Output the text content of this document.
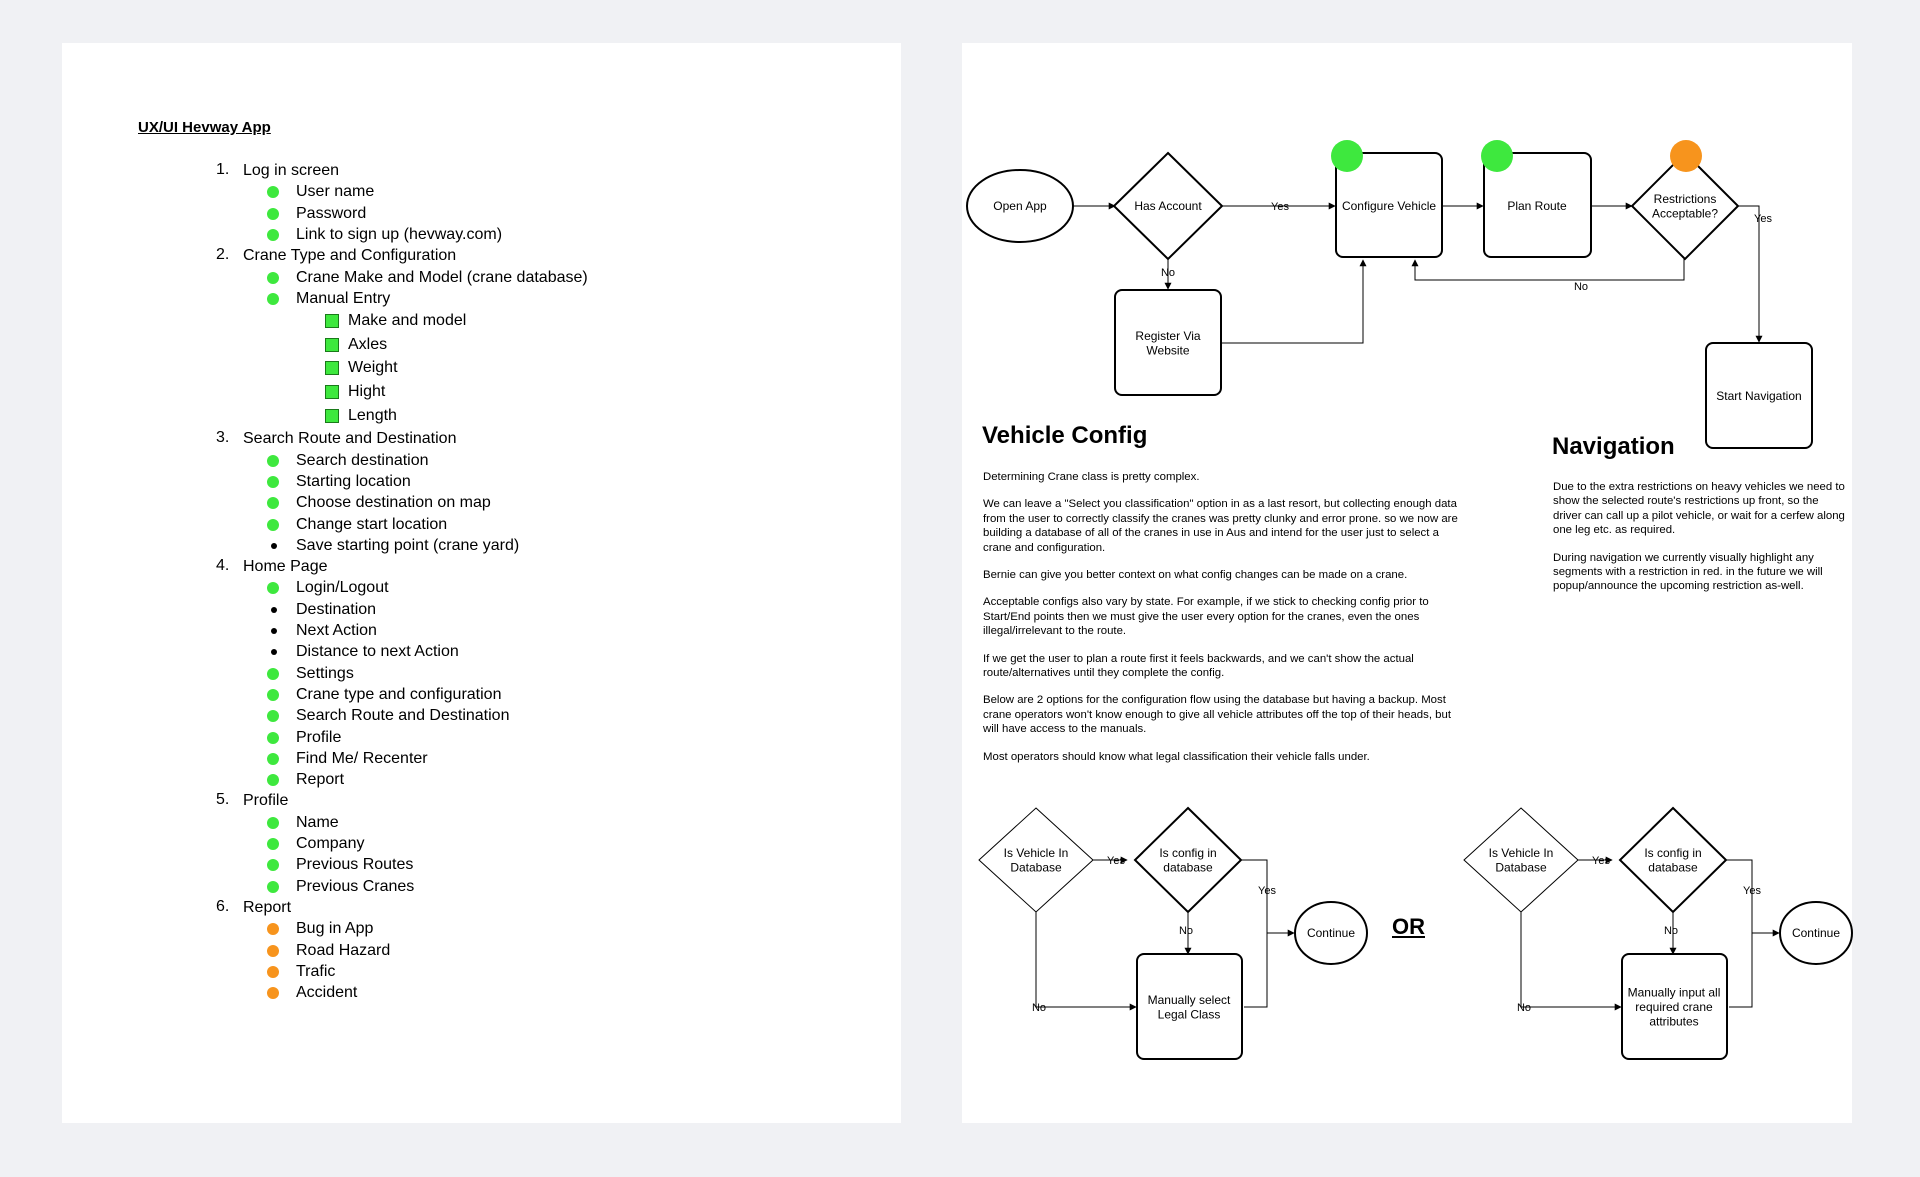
UX/UI Hevway App
1. Log in screen
User name
Password
Link to sign up (hevway.com)
2. Crane Type and Configuration
Crane Make and Model (crane database)
Manual Entry
Make and model
Axles
Weight
Hight
Length
3. Search Route and Destination
Search destination
Starting location
Choose destination on map
Change start location
Save starting point (crane yard)
4. Home Page
Login/Logout
Destination
Next Action
Distance to next Action
Settings
Crane type and configuration
Search Route and Destination
Profile
Find Me/ Recenter
Report
5. Profile
Name
Company
Previous Routes
Previous Cranes
6. Report
Bug in App
Road Hazard
Trafic
Accident
Open App	Has Account	Configure Vehicle	Plan Route
Restrictions
Acceptable?
Register Via
Website
Start Navigation
Yes
No
No
Yes
Is Vehicle In
Database
Is config in
database
Continue
Manually select
Legal Class
Yes
No
Yes
No
Is Vehicle In
Database
Is config in
database
Continue
Manually input all
required crane
attributes
Yes
No
Yes
No
Vehicle Config

Determining Crane class is pretty complex.

We can leave a "Select you classification" option in as a last resort, but collecting enough data from the user to correctly classify the cranes was pretty clunky and error prone. so we now are building a database of all of the cranes in use in Aus and intend for the user just to select a crane and configuration.

Bernie can give you better context on what config changes can be made on a crane.

Acceptable configs also vary by state. For example, if we stick to checking config prior to Start/End points then we must give the user every option for the cranes, even the ones illegal/irrelevant to the route.

If we get the user to plan a route first it feels backwards, and we can't show the actual route/alternatives until they complete the config.

Below are 2 options for the configuration flow using the database but having a backup. Most crane operators won't know enough to give all vehicle attributes off the top of their heads, but will have access to the manuals.

Most operators should know what legal classification their vehicle falls under.

Navigation

Due to the extra restrictions on heavy vehicles we need to show the selected route's restrictions up front, so the driver can call up a pilot vehicle, or wait for a cerfew along one leg etc. as required.

During navigation we currently visually highlight any segments with a restriction in red. in the future we will popup/announce the upcoming restriction as-well.

OR
